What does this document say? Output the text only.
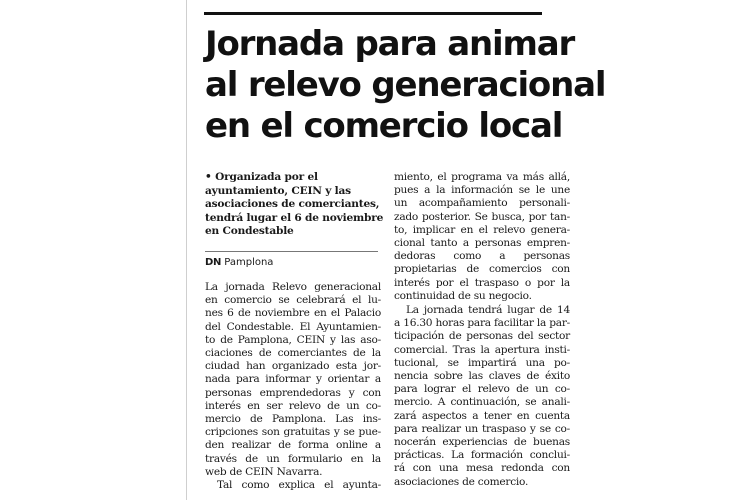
Jornada para animar
al relevo generacional
en el comercio local
• Organizada por el
ayuntamiento, CEIN y las
asociaciones de comerciantes,
tendrá lugar el 6 de noviembre
en Condestable
DN Pamplona
La jornada Relevo generacional
en comercio se celebrará el lu-
nes 6 de noviembre en el Palacio
del Condestable. El Ayuntamien-
to de Pamplona, CEIN y las aso-
ciaciones de comerciantes de la
ciudad han organizado esta jor-
nada para informar y orientar a
personas emprendedoras y con
interés en ser relevo de un co-
mercio de Pamplona. Las ins-
cripciones son gratuitas y se pue-
den realizar de forma online a
través de un formulario en la
web de CEIN Navarra.
Tal como explica el ayunta-
miento, el programa va más allá,
pues a la información se le une
un acompañamiento personali-
zado posterior. Se busca, por tan-
to, implicar en el relevo genera-
cional tanto a personas empren-
dedoras como a personas
propietarias de comercios con
interés por el traspaso o por la
continuidad de su negocio.
La jornada tendrá lugar de 14
a 16.30 horas para facilitar la par-
ticipación de personas del sector
comercial. Tras la apertura insti-
tucional, se impartirá una po-
nencia sobre las claves de éxito
para lograr el relevo de un co-
mercio. A continuación, se anali-
zará aspectos a tener en cuenta
para realizar un traspaso y se co-
nocerán experiencias de buenas
prácticas. La formación conclui-
rá con una mesa redonda con
asociaciones de comercio.
